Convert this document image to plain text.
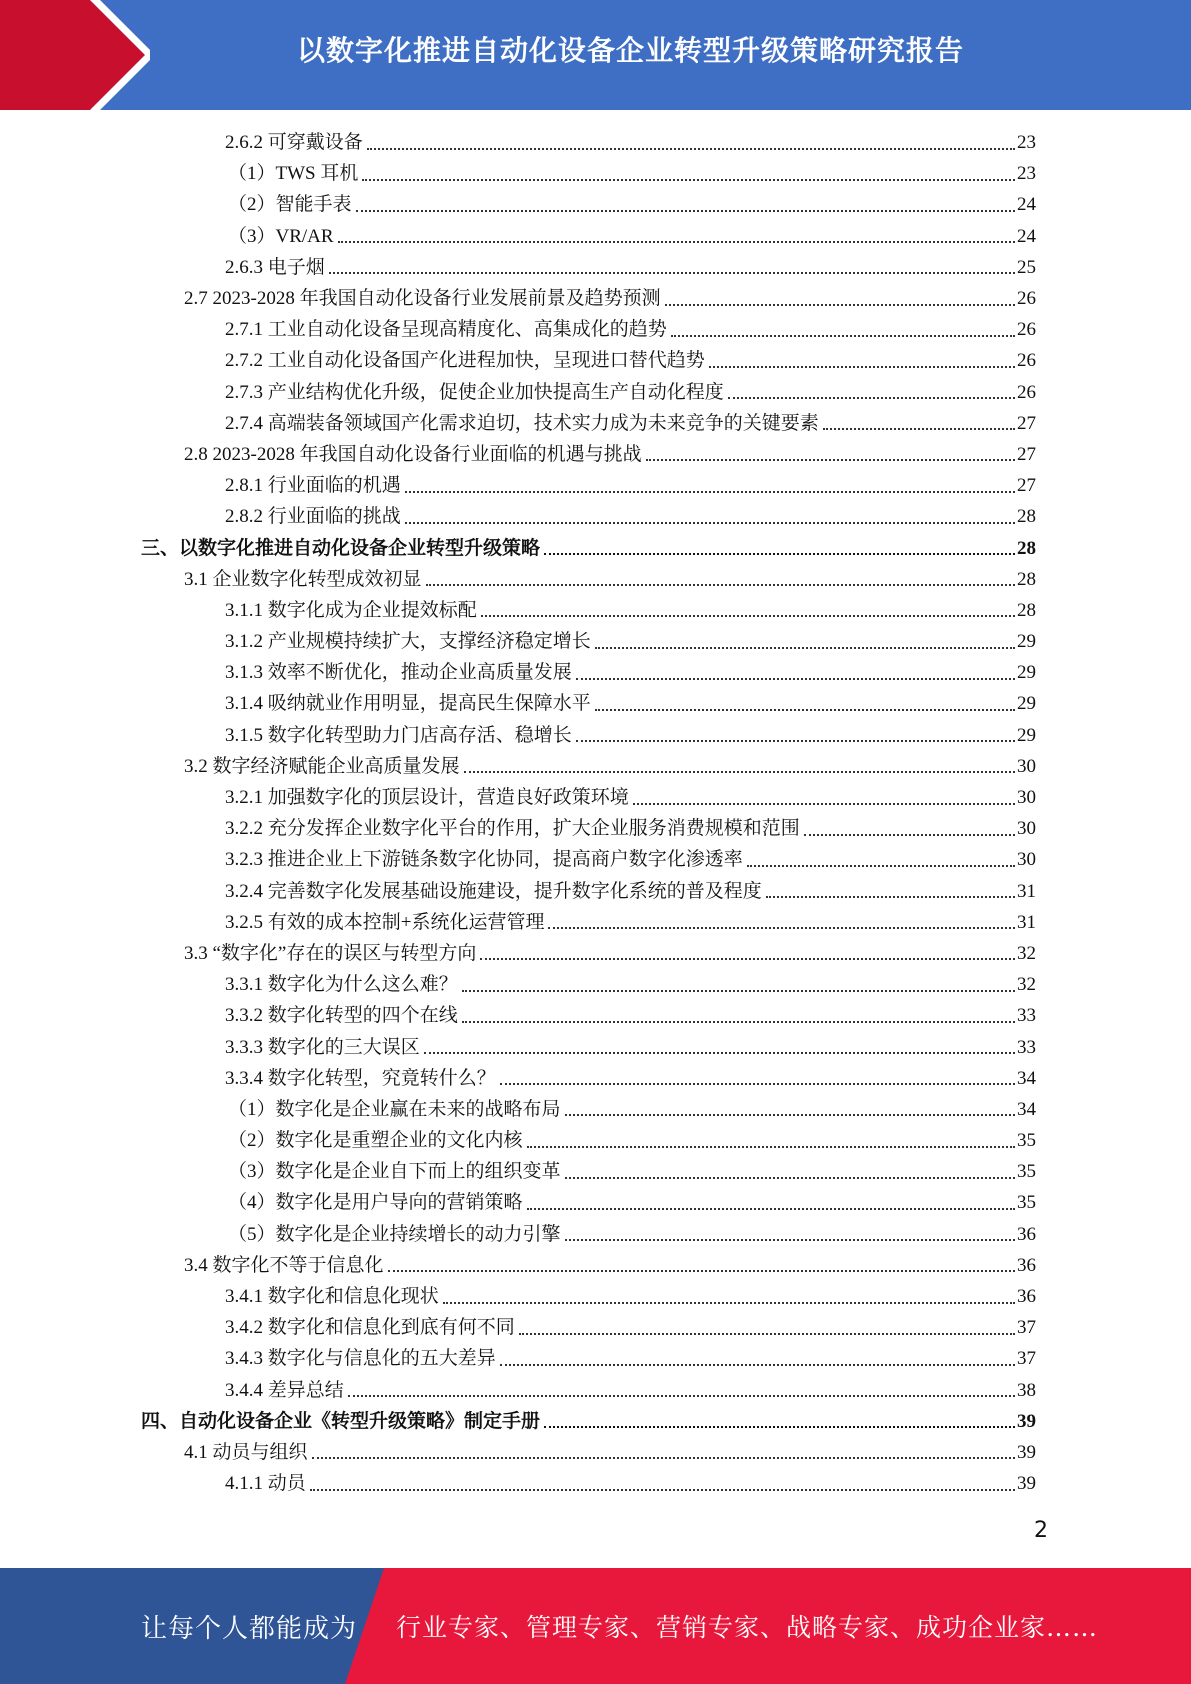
以数字化推进自动化设备企业转型升级策略研究报告
2.6.2 可穿戴设备	23
（1）TWS 耳机	23
（2）智能手表	24
（3）VR/AR	24
2.6.3 电子烟	25
2.7 2023-2028 年我国自动化设备行业发展前景及趋势预测	26
2.7.1 工业自动化设备呈现高精度化、高集成化的趋势	26
2.7.2 工业自动化设备国产化进程加快，呈现进口替代趋势	26
2.7.3 产业结构优化升级，促使企业加快提高生产自动化程度	26
2.7.4 高端装备领域国产化需求迫切，技术实力成为未来竞争的关键要素	27
2.8 2023-2028 年我国自动化设备行业面临的机遇与挑战	27
2.8.1 行业面临的机遇	27
2.8.2 行业面临的挑战	28
三、以数字化推进自动化设备企业转型升级策略	28
3.1 企业数字化转型成效初显	28
3.1.1 数字化成为企业提效标配	28
3.1.2 产业规模持续扩大，支撑经济稳定增长	29
3.1.3 效率不断优化，推动企业高质量发展	29
3.1.4 吸纳就业作用明显，提高民生保障水平	29
3.1.5 数字化转型助力门店高存活、稳增长	29
3.2 数字经济赋能企业高质量发展	30
3.2.1 加强数字化的顶层设计，营造良好政策环境	30
3.2.2 充分发挥企业数字化平台的作用，扩大企业服务消费规模和范围	30
3.2.3 推进企业上下游链条数字化协同，提高商户数字化渗透率	30
3.2.4 完善数字化发展基础设施建设，提升数字化系统的普及程度	31
3.2.5 有效的成本控制+系统化运营管理	31
3.3 “数字化”存在的误区与转型方向	32
3.3.1 数字化为什么这么难？	32
3.3.2 数字化转型的四个在线	33
3.3.3 数字化的三大误区	33
3.3.4 数字化转型，究竟转什么？	34
（1）数字化是企业赢在未来的战略布局	34
（2）数字化是重塑企业的文化内核	35
（3）数字化是企业自下而上的组织变革	35
（4）数字化是用户导向的营销策略	35
（5）数字化是企业持续增长的动力引擎	36
3.4 数字化不等于信息化	36
3.4.1 数字化和信息化现状	36
3.4.2 数字化和信息化到底有何不同	37
3.4.3 数字化与信息化的五大差异	37
3.4.4 差异总结	38
四、自动化设备企业《转型升级策略》制定手册	39
4.1 动员与组织	39
4.1.1 动员	39
2
让每个人都能成为 行业专家、管理专家、营销专家、战略专家、成功企业家……
